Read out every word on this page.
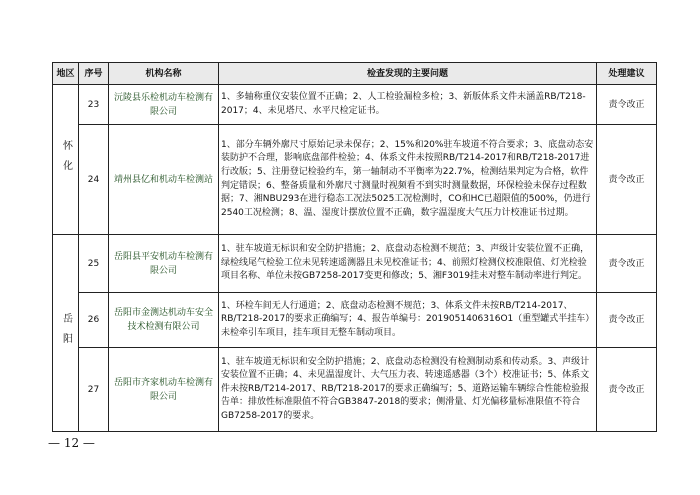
地区	序号	机构名称	检查发现的主要问题	处理建议
怀化	23	沅陵县乐检机动车检测有限公司	1、多轴称重仪安装位置不正确；2、人工检验漏检多检；3、新版体系文件未涵盖RB/T218-2017；4、未见塔尺、水平尺检定证书。	责令改正
	24	靖州县亿和机动车检测站	1、部分车辆外廓尺寸原始记录未保存；2、15%和20%驻车坡道不符合要求；3、底盘动态安装防护不合理，影响底盘部件检验；4、体系文件未按照RB/T214-2017和RB/T218-2017进行改版；5、注册登记检验约车，第一轴制动不平衡率为22.7%，检测结果判定为合格，软件判定错误；6、整备质量和外廓尺寸测量时视频看不到实时测量数据，环保检验未保存过程数据；7、湘NBU293在进行稳态工况法5025工况检测时，CO和HC已超限值的500%，仍进行2540工况检测；8、温、湿度计摆放位置不正确，数字温湿度大气压力计校准证书过期。	责令改正
岳阳	25	岳阳县平安机动车检测有限公司	1、驻车坡道无标识和安全防护措施；2、底盘动态检测不规范；3、声级计安装位置不正确，绿检线尾气检验工位未见转速遥测器且未见校准证书；4、前照灯检测仪校准限值、灯光检验项目名称、单位未按GB7258-2017变更和修改；5、湘F3019挂未对整车制动率进行判定。	责令改正
	26	岳阳市金测达机动车安全技术检测有限公司	1、环检车间无人行通道；2、底盘动态检测不规范；3、体系文件未按RB/T214-2017、RB/T218-2017的要求正确编写；4、报告单编号：2019051406316O1（重型罐式半挂车）未检牵引车项目，挂车项目无整车制动项目。	责令改正
	27	岳阳市齐家机动车检测有限公司	1、驻车坡道无标识和安全防护措施；2、底盘动态检测没有检测制动系和传动系。3、声级计安装位置不正确；4、未见温湿度计、大气压力表、转速遥感器（3个）校准证书；5、体系文件未按RB/T214-2017、RB/T218-2017的要求正确编写；5、道路运输车辆综合性能检验报告单：排放性标准限值不符合GB3847-2018的要求；侧滑量、灯光偏移量标准限值不符合GB7258-2017的要求。	责令改正
— 12 —
